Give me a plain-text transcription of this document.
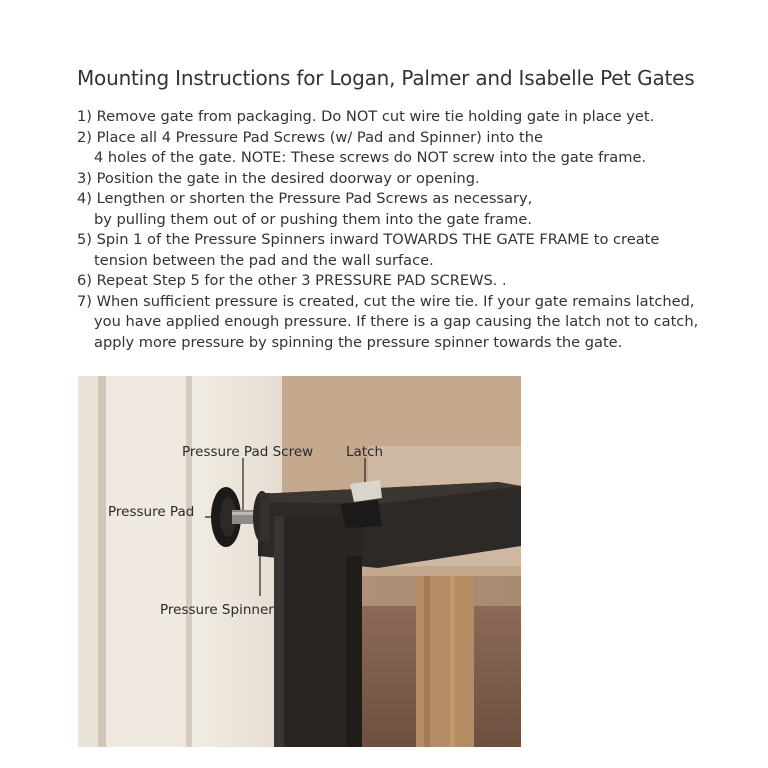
Mounting Instructions for Logan, Palmer and Isabelle Pet Gates

1) Remove gate from packaging. Do NOT cut wire tie holding gate in place yet.

2) Place all 4 Pressure Pad Screws (w/ Pad and Spinner) into the
4 holes of the gate. NOTE: These screws do NOT screw into the gate frame.

3) Position the gate in the desired doorway or opening.

4) Lengthen or shorten the Pressure Pad Screws as necessary,
by pulling them out of or pushing them into the gate frame.

5) Spin 1 of the Pressure Spinners inward TOWARDS THE GATE FRAME to create
tension between the pad and the wall surface.

6) Repeat Step 5 for the other 3 PRESSURE PAD SCREWS. .

7) When sufficient pressure is created, cut the wire tie. If your gate remains latched,
you have applied enough pressure. If there is a gap causing the latch not to catch,
apply more pressure by spinning the pressure spinner towards the gate.

Pressure Pad Screw Latch
Pressure Pad
Pressure Spinner
